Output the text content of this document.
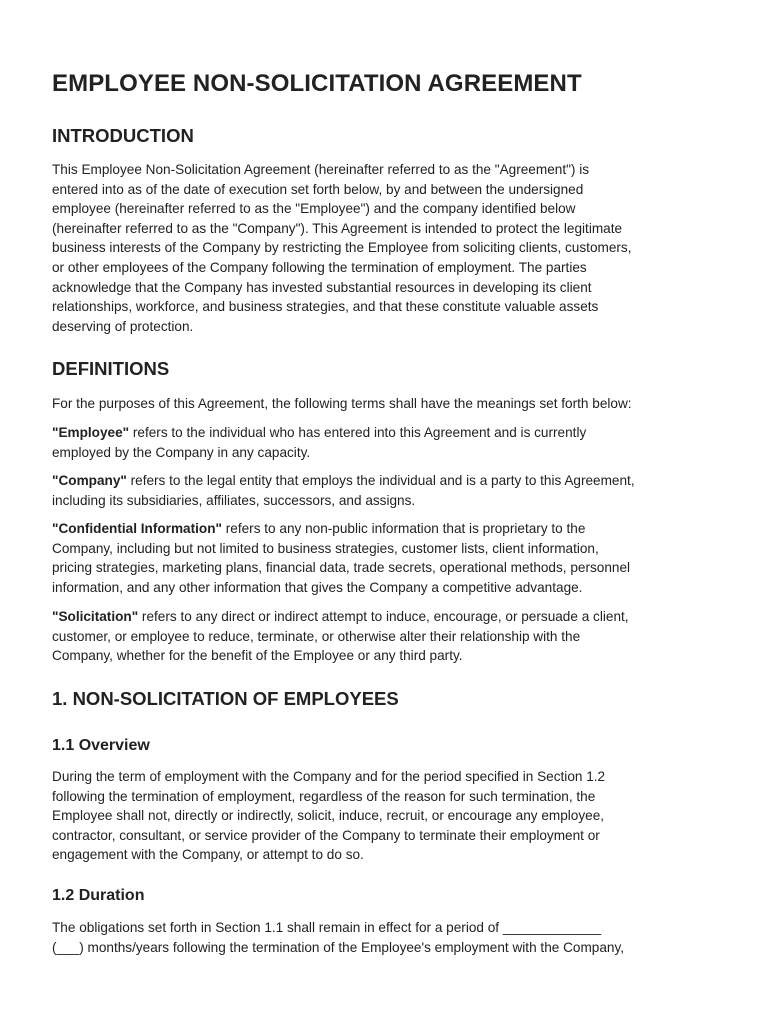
EMPLOYEE NON-SOLICITATION AGREEMENT
INTRODUCTION
This Employee Non-Solicitation Agreement (hereinafter referred to as the "Agreement") is
entered into as of the date of execution set forth below, by and between the undersigned
employee (hereinafter referred to as the "Employee") and the company identified below
(hereinafter referred to as the "Company"). This Agreement is intended to protect the legitimate
business interests of the Company by restricting the Employee from soliciting clients, customers,
or other employees of the Company following the termination of employment. The parties
acknowledge that the Company has invested substantial resources in developing its client
relationships, workforce, and business strategies, and that these constitute valuable assets
deserving of protection.
DEFINITIONS
For the purposes of this Agreement, the following terms shall have the meanings set forth below:
"Employee" refers to the individual who has entered into this Agreement and is currently
employed by the Company in any capacity.
"Company" refers to the legal entity that employs the individual and is a party to this Agreement,
including its subsidiaries, affiliates, successors, and assigns.
"Confidential Information" refers to any non-public information that is proprietary to the
Company, including but not limited to business strategies, customer lists, client information,
pricing strategies, marketing plans, financial data, trade secrets, operational methods, personnel
information, and any other information that gives the Company a competitive advantage.
"Solicitation" refers to any direct or indirect attempt to induce, encourage, or persuade a client,
customer, or employee to reduce, terminate, or otherwise alter their relationship with the
Company, whether for the benefit of the Employee or any third party.
1. NON-SOLICITATION OF EMPLOYEES
1.1 Overview
During the term of employment with the Company and for the period specified in Section 1.2
following the termination of employment, regardless of the reason for such termination, the
Employee shall not, directly or indirectly, solicit, induce, recruit, or encourage any employee,
contractor, consultant, or service provider of the Company to terminate their employment or
engagement with the Company, or attempt to do so.
1.2 Duration
The obligations set forth in Section 1.1 shall remain in effect for a period of _____________
(___) months/years following the termination of the Employee's employment with the Company,
